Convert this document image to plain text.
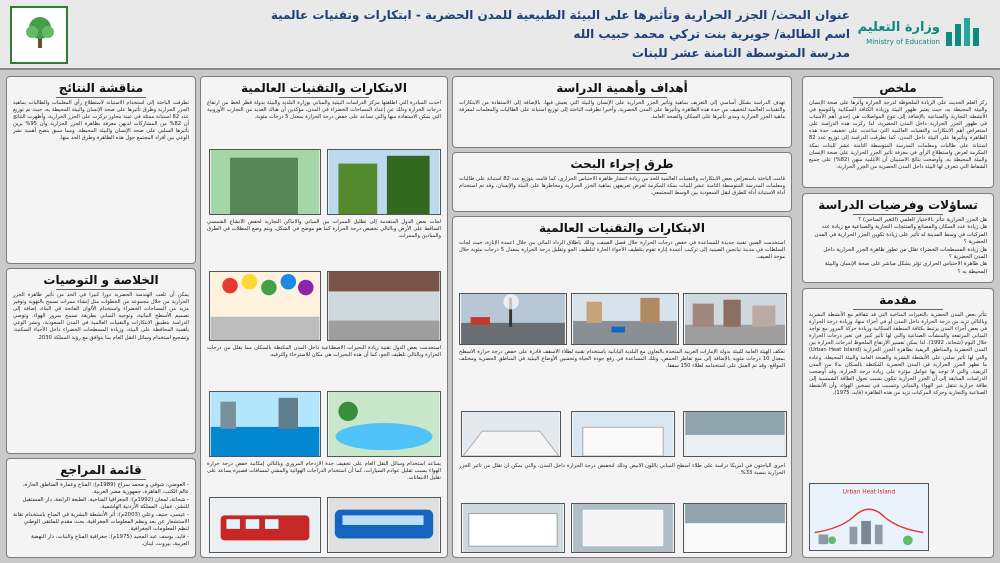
وزارة التعليم
Ministry of Education
عنوان البحث/ الجزر الحرارية وتأثيرها على البيئة الطبيعية للمدن الحضرية - ابتكارات وتقنيات عالمية
اسم الطالبة/ جويرية بنت تركي محمد حبيب الله
مدرسة المتوسطة الثامنة عشر للبنات
ملخص

ركز العلم الحديث على الزيادة الملحوظة لدرجة الحرارة وأثرها على صحة الإنسان والبيئة المحيطة به، حيث يعتبر ظهور البيئة وزيادة الكثافة السكانية والتوسع في الأنشطة التجارية والصناعية بالإضافة إلى تنوع المواصلات هي إحدى أهم الأسباب في ظهور الجزر الحرارية داخل المدن الحضرية، لذا ركزت هذه الدراسة على استعراض أهم الابتكارات والتقنيات العالمية التي ساعدت على تخفيف حدة هذه الظاهرة وتأثيرها على البيئة داخل المدن، كما تطرقت الدراسة إلى توزيع عدد 82 استبانة على طالبات ومعلمات المدرسة المتوسطة الثامنة عشر للبنات بمكة المكرمة لعرض واستطلاع الرأي في معرفة تأثير الجزر الحرارية على صحة الإنسان والبيئة المحيطة به، وأوضحت نتائج الاستبيان أن الأغلبية منهن (82%) على جميع الشفاط التي تتعرف لها البيئة داخل المدن الحضرية من الجزر الحرارية.

تساؤلات وفرضيات الدراسة
هل الجزر الحرارية تتأثر بالاختيار العلمي (التغير المناخي) ؟
هل زيادة عدد السكان والمصانع والمنتجات التجارية والصناعية مع زيادة عدد المركبات في وسط المدينة له تأثير على زيادة تكوين الجزر الحرارية في المدن الحضرية ؟
هل زيادة المسطحات الخضراء تقلل من تطور ظاهرة الجزر الحرارية داخل المدن الحضرية ؟
هل ظاهرة الاحتباس الحراري تؤثر بشكل مباشر على صحة الإنسان والبيئة المحيطة به ؟
مقدمة

تتأثر بعض المدن الحضرية بالتغيرات المناخية التي قد تتفاقم مع الأنشطة البشرية وبالتالي تزيد من درجة الحرارة داخل المدن أو في أجزاء منها، وزيادة درجة الحرارة في بعض أجزاء المدن يرتبط بكثافة المنطقة السكانية وزيادة حركة المرور مع تواجد المباني المرتفعة والمنشآت الصناعية والتي لها تأثير كبير في تغير درجات الحرارة خلال اليوم (شحاتة، 1992). لذا يمكن تفسير الارتفاع الملحوظ لدرجات الحرارة بين المدن الحضرية والمناطق الريفية بظاهرة الجزر الحرارية (Urban Heat Island) والتي لها تأثير سلبي على الأنشطة البشرية والصحة العامة والبيئة المحيطة. وعادة ما تظهر الجزر الحرارية في المدن الحضرية المكتظة بالسكان بدلا من المدن الريفية، والتي لا توجد بها عوامل مؤثرة على زيادة درجة الحرارة، وقد أوضحت الدراسات السابقة إلى أن الجزر الحرارية تتكون بسبب تحول الطاقة الشمسية إلى طاقة حرارية تنتقل عبر الهواء والمباني وتتسبب في تسخين الهواء، وأن الأنشطة الصناعية والتجارية وحركة المركبات تزيد من هذه الظاهرة (فايد، 1975).

Urban Heat Island
أهداف وأهمية الدراسة

تهدف الدراسة بشكل أساسي إلى التعريف بماهية وتأثير الجزر الحرارية على الإنسان والبيئة التي يعيش فيها، بالإضافة إلى الاستفادة من الابتكارات والتقنيات العالمية لتخفيف من حدة هذه الظاهرة وتأثيرها على المدن الحضرية، وأخيرا تطرقت الباحثة إلى توزيع استبانة على الطالبات والمعلمات لمعرفة ماهية الجزر الحرارية ومدى تأثيرها على السكان والصحة العامة.

طرق إجراء البحث

قامت الباحثة باستعراض بعض الابتكارات والتقنيات العالمية للحد من زيادة انتشار ظاهرة الاحتباس الحراري، كما قامت بتوزيع عدد 82 استبانة على طالبات ومعلمات المدرسة المتوسطة الثامنة عشر للبنات بمكة المكرمة لعرض تعريفهن بماهية الجزر الحرارية ومخاطرها على البيئة والإنسان، وقد تم استخدام أداة الاستبانة أداة للطرق لنقل السعودية بين الوسط المجتمعي.

الابتكارات والتقنيات العالمية

استخدمت الصين تقنية جديدة للمساعدة في خفض درجات الحرارة خلال فصل الصيف، وذلك باطلاق الرذاذ المائي من خلال أعمدة الإنارة، حيث لجأت السلطات في مدينة تيانجين الصينية إلى تركيب أعمدة إنارة تقوم بتلطيف الأجواء الحارة لتلطيف الجو وتقليل درجة الحرارة بمعدل 5 درجات مئوية خلال موجة الصيف.

تعكف الهيئة العامة للبيئة بدولة الإمارات العربية المتحدة بالتعاون مع البلدية اليابانية باستخدام تقنية لطلاء الأسقف قادرة على خفض درجة حرارة الأسطح بمعدل 10 درجات مئوية بالإضافة إلى منع تقاطر الحمض، وتلك المساعدة في رفع جودة الحياة وتحسين الأوضاع البيئية في المناطق الحضرية ومختلف المواقع. وقد تم العمل على استخدامه لطلاء 150 سقفا.

أجرى الباحثون في أمريكا دراسة على طلاء أسطح المباني باللون الأبيض وذلك لتخفيض درجة الحرارة داخل المدن، والتي يمكن أن تقلل من تأثير الجزر الحرارية بنسبة 33%.

الابتكارات والتقنيات العالمية

أخذت المبادرة التي أطلقتها مركز الدراسات البيئية والمباني بوزارة البلدية والبيئة بدولة قطر لخط من ارتفاع درجات الحرارة وذلك عن إعداد المساحات الخضراء في المدن، مؤكدين أن هناك العديد من التجارب الأوروبية التي يمكن الاستفادة منها والتي تساعد على خفض درجة الحرارة بمعدل 5 درجات مئوية.

لجأت بعض الدول المتقدمة إلى تظليل الممرات بين المباني والأماكن التجارية لخفض الانشاع الشمسي الساقط على الأرض وبالتالي تخفيض درجة الحرارة كما هو موضح في الشكل، ويتم وضع المظلات في الطرق والميادين والممرات.

استخدمت بعض الدول تقنية زيادة البحيرات الاصطناعية داخل المدن المكتظة بالسكان مما يقلل من درجات الحرارة وبالتالي تلطيف الجو، كما أن هذه البحيرات هي مكان للاسترخاء والترفيه.

يساعد استخدام وسائل النقل العام على تخفيف حدة الازدحام المروري وبالتالي إمكانية خفض درجة حرارة الهواء بسبب تقليل عوادم السيارات، كما أن استخدام الدراجات الهوائية والمشي لمسافات قصيرة يساعد على تقليل الانبعاثات.

مناقشة النتائج

تطرقت الباحثة إلى استخدام الاستبانة لاستطلاع رأي المعلمات والطالبات بماهية الجزر الحرارية وطرق تأثيرها على صحة الإنسان والبيئة المحيطة به، حيث تم توزيع عدد 82 استبانة ممثلة في عينة محاور تركزت على الجزر الحرارية، وأظهرت النتائج أن 82% من المشاركات لديهن معرفة بظاهرة الجزر الحرارية وأن 95% يرين تأثيرها السلبي على صحة الإنسان والبيئة المحيطة. ومما سبق يتضح أهمية نشر الوعي بين أفراد المجتمع حول هذه الظاهرة وطرق الحد منها.

الخلاصة و التوصيات

يمكن أن تلعب الهندسة الحضرية دورا كبيرا في الحد من تأثير ظاهرة الجزر الحرارية من خلال مجموعة من الخطوات مثل إنشاء ممرات تسمح بالتهوية وتوفير مزيد من المساحات الخضراء واستخدام الألوان الفاتحة في البناء، إضافة إلى تصميم الأسطح النباتية، وتوجيه المباني بطريقة تسمح بمرور الهواء. وتوصي الدراسة بتطبيق الابتكارات والتقنيات العالمية في المدن السعودية، ونشر الوعي بأهمية المحافظة على البيئة، وزيادة المسطحات الخضراء داخل الأحياء السكنية، وتشجيع استخدام وسائل النقل العام بما يتوافق مع رؤية المملكة 2030.

قائمة المراجع
- العوضي، شوقي و محمد سراج (1989م): المناخ وعمارة المناطق الحارة، عالم الكتب، القاهرة، جمهورية مصر العربية.
- شحاتة، لمعان (1992م): الجغرافيا المناخية، الطبعة الرابعة، دار المستقبل للنشر، عمان، المملكة الأردنية الهاشمية.
- عيسى، جنيف وعلي (2003م): أثر الأنشطة البشرية في المناخ باستخدام تقانة الاستشعار عن بعد ونظم المعلومات الجغرافية، بحث مقدم للملتقى الوطني لنظم المعلومات الجغرافية.
- فايد، يوسف عبد المجيد (1975م): جغرافية المناخ والنبات، دار النهضة العربية، بيروت، لبنان.
